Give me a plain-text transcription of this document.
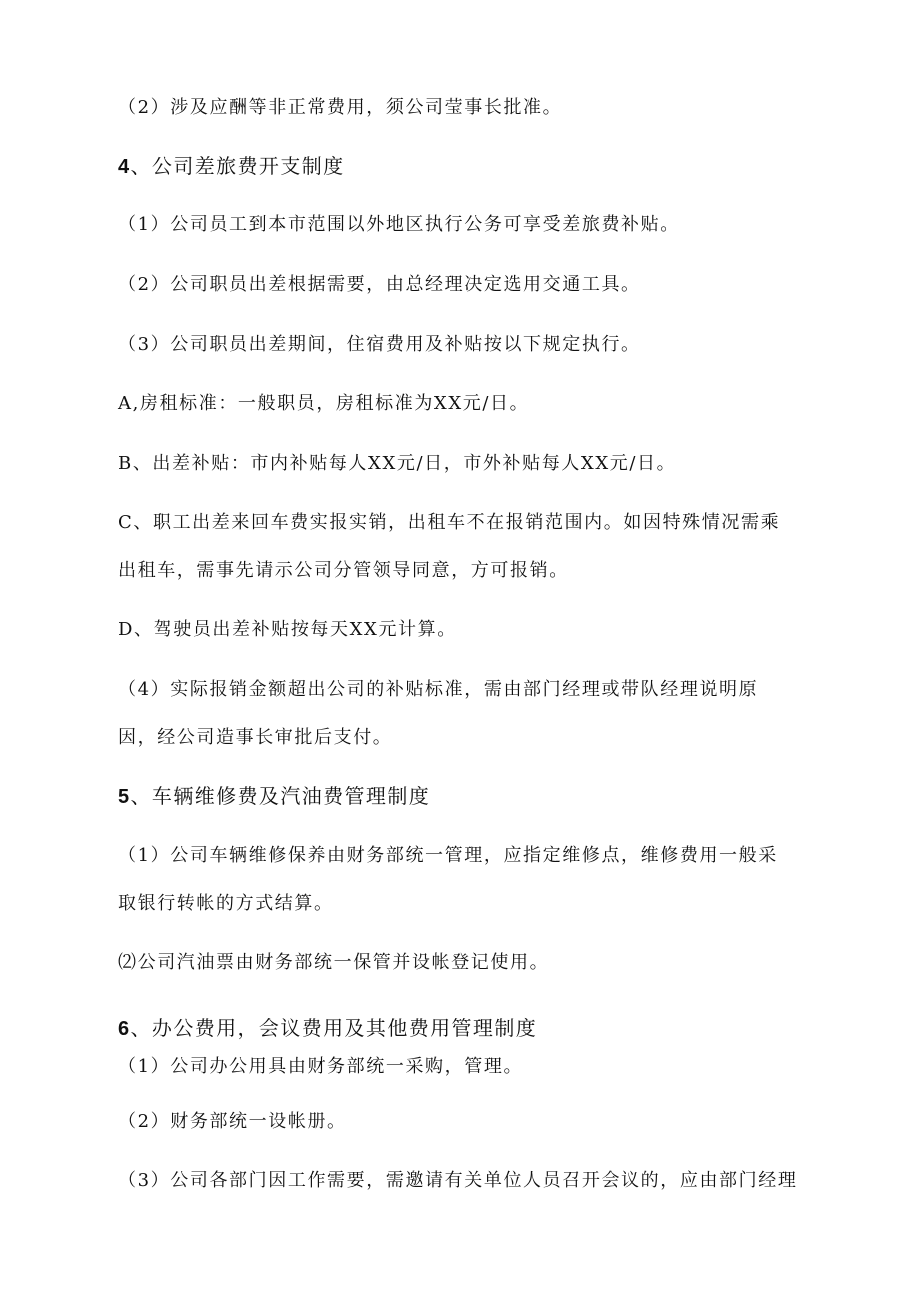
（2）涉及应酬等非正常费用，须公司莹事长批准。
4、公司差旅费开支制度
（1）公司员工到本市范围以外地区执行公务可享受差旅费补贴。
（2）公司职员出差根据需要，由总经理决定选用交通工具。
（3）公司职员出差期间，住宿费用及补贴按以下规定执行。
A,房租标准：一般职员，房租标准为XX元/日。
B、出差补贴：市内补贴每人XX元/日，市外补贴每人XX元/日。
C、职工出差来回车费实报实销，出租车不在报销范围内。如因特殊情况需乘
出租车，需事先请示公司分管领导同意，方可报销。
D、驾驶员出差补贴按每天XX元计算。
（4）实际报销金额超出公司的补贴标准，需由部门经理或带队经理说明原
因，经公司造事长审批后支付。
5、车辆维修费及汽油费管理制度
（1）公司车辆维修保养由财务部统一管理，应指定维修点，维修费用一般采
取银行转帐的方式结算。
⑵公司汽油票由财务部统一保管并设帐登记使用。
6、办公费用，会议费用及其他费用管理制度
（1）公司办公用具由财务部统一采购，管理。
（2）财务部统一设帐册。
（3）公司各部门因工作需要，需邀请有关单位人员召开会议的，应由部门经理
